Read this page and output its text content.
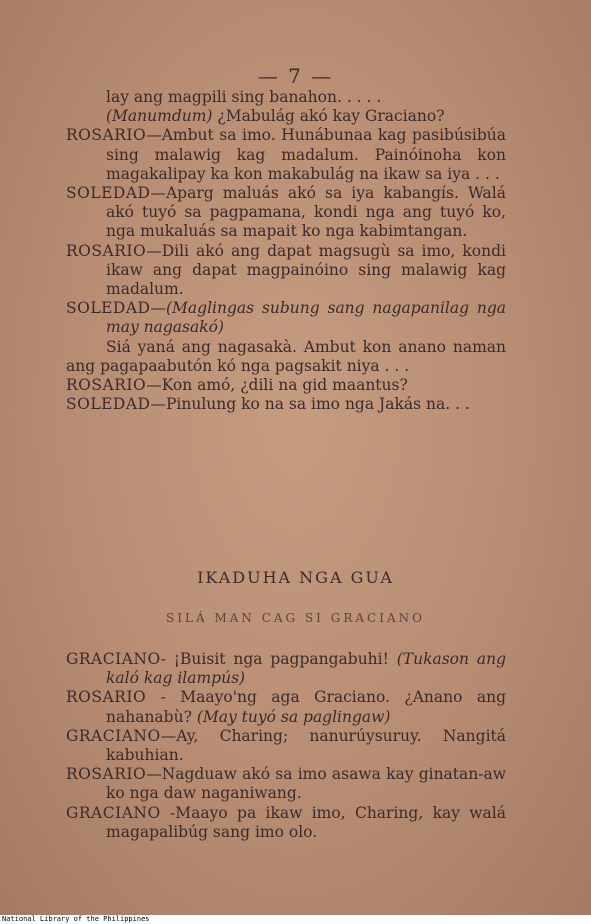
— 7 —

lay ang magpili sing banahon. . . . .

(Manumdum) ¿Mabulág akó kay Graciano?

ROSARIO—Ambut sa imo. Hunábunaa kag pasibúsibúa sing malawig kag madalum. Painóinoha kon magakalipay ka kon makabulág na ikaw sa iya . . .

SOLEDAD—Aparg maluás akó sa iya kabangís. Walá akó tuyó sa pagpamana, kondi nga ang tuyó ko, nga mukaluás sa mapait ko nga kabimtangan.

ROSARIO—Dili akó ang dapat magsugù sa imo, kondi ikaw ang dapat magpainóino sing malawig kag madalum.

SOLEDAD—(Maglingas subung sang nagapanilag nga may nagasakó)

Siá yaná ang nagasakà. Ambut kon anano naman ang pagapaabutón kó nga pagsakit niya . . .

ROSARIO—Kon amó, ¿dili na gid maantus?

SOLEDAD—Pinulung ko na sa imo nga Jakás na. . .

IKADUHA NGA GUA
SILÁ MAN CAG SI GRACIANO

GRACIANO- ¡Buisit nga pagpangabuhi! (Tukason ang kaló kag ilampús)

ROSARIO - Maayo'ng aga Graciano. ¿Anano ang nahanabù? (May tuyó sa paglingaw)

GRACIANO—Ay, Charing; nanurúysuruy. Nangitá kabuhian.

ROSARIO—Nagduaw akó sa imo asawa kay ginatan-aw ko nga daw naganiwang.

GRACIANO -Maayo pa ikaw imo, Charing, kay walá magapalibúg sang imo olo.

National Library of the Philippines
